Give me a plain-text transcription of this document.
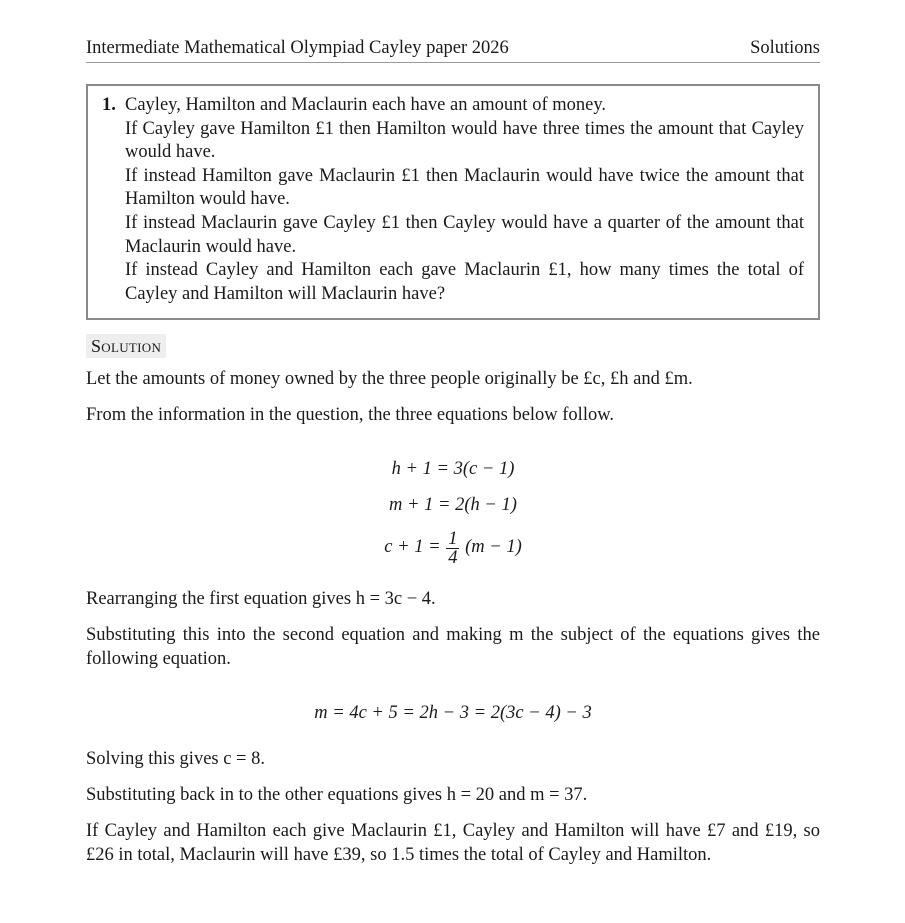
Intermediate Mathematical Olympiad Cayley paper 2026	Solutions
1. Cayley, Hamilton and Maclaurin each have an amount of money.
If Cayley gave Hamilton £1 then Hamilton would have three times the amount that Cayley would have.
If instead Hamilton gave Maclaurin £1 then Maclaurin would have twice the amount that Hamilton would have.
If instead Maclaurin gave Cayley £1 then Cayley would have a quarter of the amount that Maclaurin would have.
If instead Cayley and Hamilton each gave Maclaurin £1, how many times the total of Cayley and Hamilton will Maclaurin have?
Solution

Let the amounts of money owned by the three people originally be £c, £h and £m.

From the information in the question, the three equations below follow.

h + 1 = 3(c − 1)
m + 1 = 2(h − 1)
$c + 1 = \frac{1}{4} (m - 1)$

Rearranging the first equation gives h = 3c − 4.

Substituting this into the second equation and making m the subject of the equations gives the following equation.

m = 4c + 5 = 2h − 3 = 2(3c − 4) − 3

Solving this gives c = 8.

Substituting back in to the other equations gives h = 20 and m = 37.

If Cayley and Hamilton each give Maclaurin £1, Cayley and Hamilton will have £7 and £19, so £26 in total, Maclaurin will have £39, so 1.5 times the total of Cayley and Hamilton.
